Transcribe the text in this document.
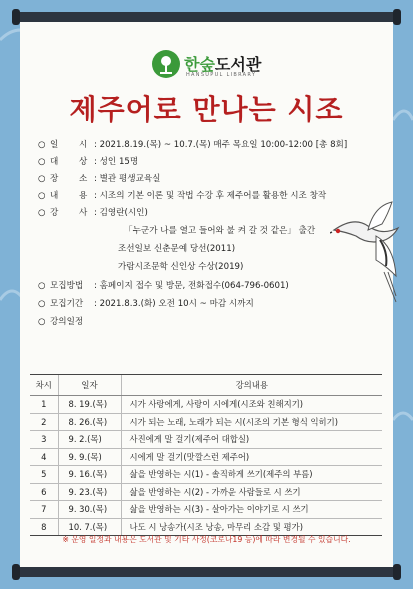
한숲도서관
HANSUPUL LIBRARY
제주어로 만나는 시조
○ 일 시: 2021.8.19.(목) ~ 10.7.(목) 매주 목요일 10:00-12:00 [총 8회]
○ 대 상: 성인 15명
○ 장 소: 별관 평생교육실
○ 내 용: 시조의 기본 이론 및 작법 수강 후 제주어를 활용한 시조 창작
○ 강 사: 김영란(시인)
「누군가 나를 열고 들어와 불 켜 갈 것 같은」 출간
조선일보 신춘문예 당선(2011)
가람시조문학 신인상 수상(2019)
○ 모집방법 : 홈페이지 접수 및 방문, 전화접수(064-796-0601)
○ 모집기간 : 2021.8.3.(화) 오전 10시 ~ 마감 시까지
○ 강의일정
차시	일자	강의내용
1	8. 19.(목)	시가 사랑에게, 사랑이 시에게(시조와 친해지기)
2	8. 26.(목)	시가 되는 노래, 노래가 되는 시(시조의 기본 형식 익히기)
3	9. 2.(목)	사진에게 말 걸기(제주어 대합실)
4	9. 9.(목)	시에게 말 걸기(맛깔스런 제주어)
5	9. 16.(목)	삶을 반영하는 시(1) - 솔직하게 쓰기(제주의 부름)
6	9. 23.(목)	삶을 반영하는 시(2) - 가까운 사람들로 시 쓰기
7	9. 30.(목)	삶을 반영하는 시(3) - 살아가는 이야기로 시 쓰기
8	10. 7.(목)	나도 시 낭송가(시조 낭송, 마무리 소감 및 평가)
※ 운영 일정과 내용은 도서관 및 기타 사정(코로나19 등)에 따라 변경될 수 있습니다.
